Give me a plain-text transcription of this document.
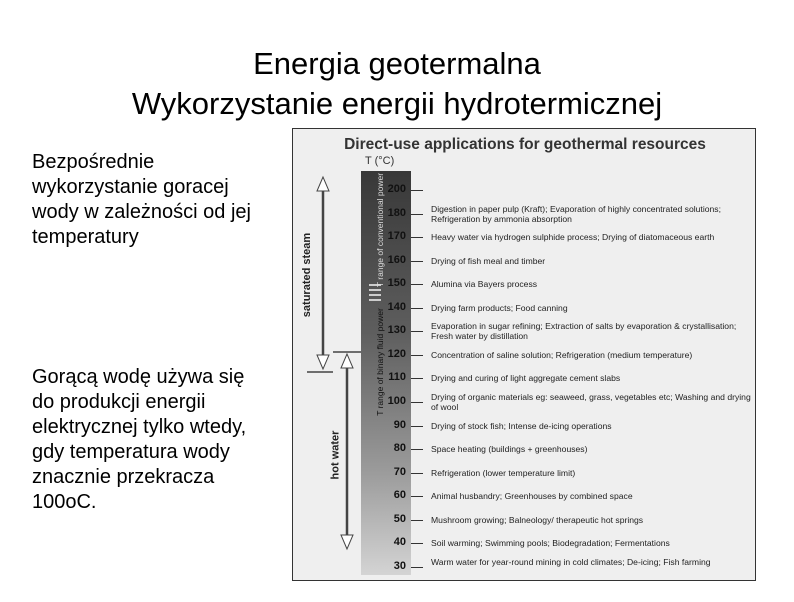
Energia geotermalna
Wykorzystanie energii hydrotermicznej
Bezpośrednie wykorzystanie goracej wody w zależności od jej temperatury
Gorącą wodę używa się do produkcji energii elektrycznej tylko wtedy, gdy temperatura wody znacznie przekracza 100oC.
Direct-use applications for geothermal resources
T (°C)
saturated steam
hot water
T range of conventional power
T range of binary fluid power
200
180	Digestion in paper pulp (Kraft); Evaporation of highly concentrated solutions; Refrigeration by ammonia absorption
170	Heavy water via hydrogen sulphide process; Drying of diatomaceous earth
160	Drying of fish meal and timber
150	Alumina via Bayers process
140	Drying farm products; Food canning
130	Evaporation in sugar refining; Extraction of salts by evaporation & crystallisation; Fresh water by distillation
120	Concentration of saline solution; Refrigeration (medium temperature)
110	Drying and curing of light aggregate cement slabs
100	Drying of organic materials eg: seaweed, grass, vegetables etc; Washing and drying of wool
90	Drying of stock fish; Intense de-icing operations
80	Space heating (buildings + greenhouses)
70	Refrigeration (lower temperature limit)
60	Animal husbandry; Greenhouses by combined space
50	Mushroom growing; Balneology/ therapeutic hot springs
40	Soil warming; Swimming pools; Biodegradation; Fermentations
30	Warm water for year-round mining in cold climates; De-icing; Fish farming
